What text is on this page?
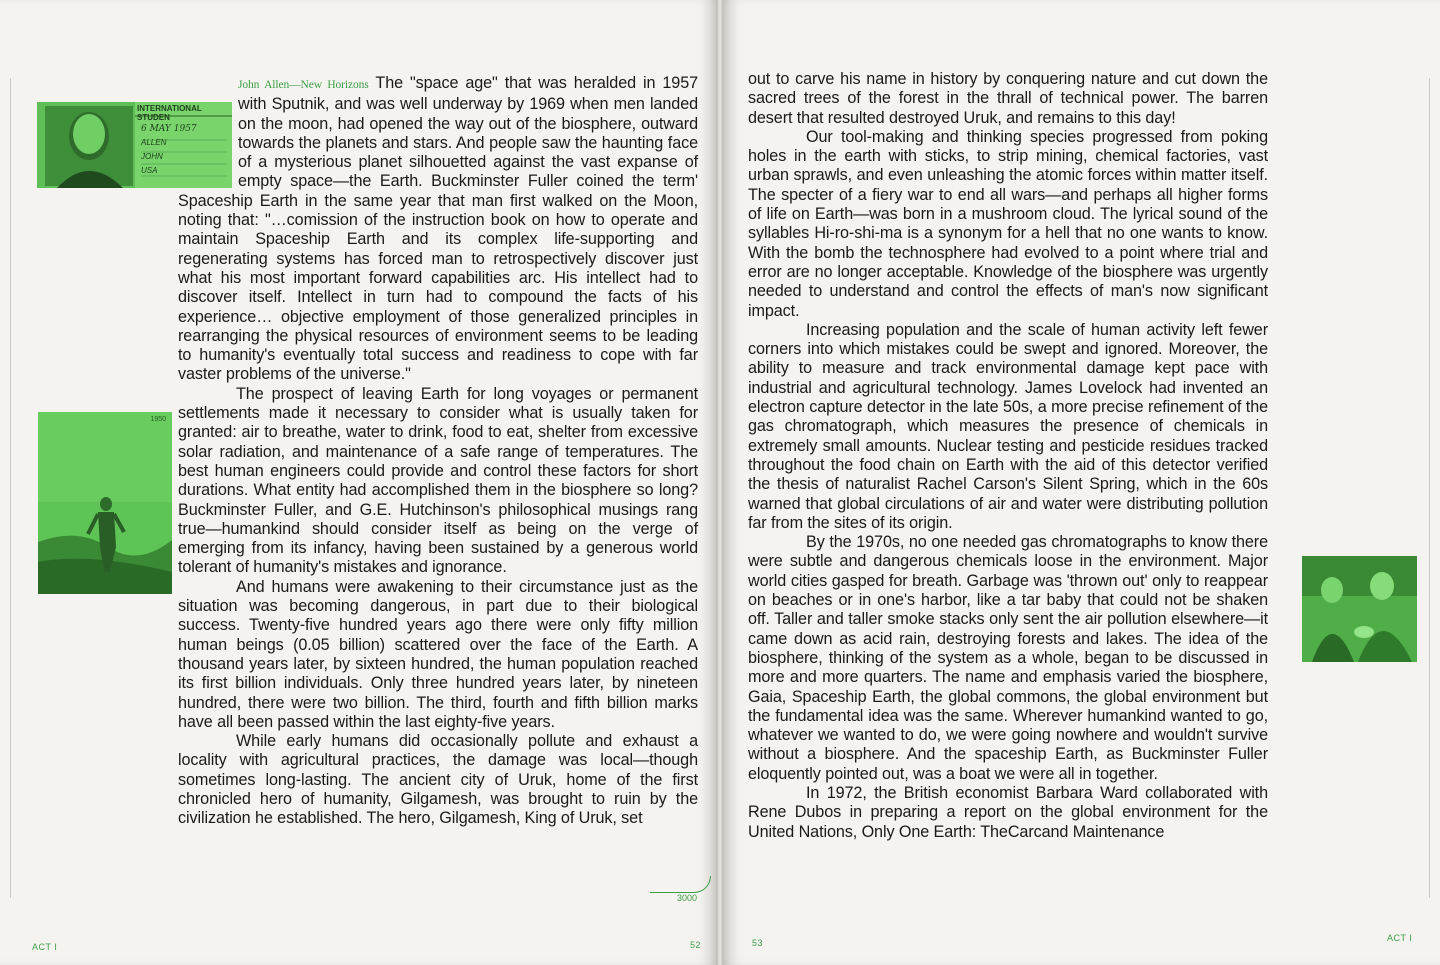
INTERNATIONAL STUDEN
6 MAY 1957
ALLEN
JOHN
USA
1950

John Allen—New Horizons The "space age" that was heralded in 1957 with Sputnik, and was well underway by 1969 when men landed on the moon, had opened the way out of the biosphere, outward towards the planets and stars. And people saw the haunting face of a mysterious planet silhouetted against the vast expanse of empty space—the Earth. Buckminster Fuller coined the term' Spaceship Earth in the same year that man first walked on the Moon, noting that: "…comission of the instruction book on how to operate and maintain Spaceship Earth and its complex life-supporting and regenerating systems has forced man to retrospectively discover just what his most important forward capabilities arc. His intellect had to discover itself. Intellect in turn had to compound the facts of his experience… objective employment of those generalized principles in rearranging the physical resources of environment seems to be leading to humanity's eventually total success and readiness to cope with far vaster problems of the universe."

The prospect of leaving Earth for long voyages or permanent settlements made it necessary to consider what is usually taken for granted: air to breathe, water to drink, food to eat, shelter from excessive solar radiation, and maintenance of a safe range of temperatures. The best human engineers could provide and control these factors for short durations. What entity had accomplished them in the biosphere so long? Buckminster Fuller, and G.E. Hutchinson's philosophical musings rang true—humankind should consider itself as being on the verge of emerging from its infancy, having been sustained by a generous world tolerant of humanity's mistakes and ignorance.

And humans were awakening to their circumstance just as the situation was becoming dangerous, in part due to their biological success. Twenty-five hundred years ago there were only fifty million human beings (0.05 billion) scattered over the face of the Earth. A thousand years later, by sixteen hundred, the human population reached its first billion individuals. Only three hundred years later, by nineteen hundred, there were two billion. The third, fourth and fifth billion marks have all been passed within the last eighty-five years.

While early humans did occasionally pollute and exhaust a locality with agricultural practices, the damage was local—though sometimes long-lasting. The ancient city of Uruk, home of the first chronicled hero of humanity, Gilgamesh, was brought to ruin by the civilization he established. The hero, Gilgamesh, King of Uruk, set

3000
ACT I	52

out to carve his name in history by conquering nature and cut down the sacred trees of the forest in the thrall of technical power. The barren desert that resulted destroyed Uruk, and remains to this day!

Our tool-making and thinking species progressed from poking holes in the earth with sticks, to strip mining, chemical factories, vast urban sprawls, and even unleashing the atomic forces within matter itself. The specter of a fiery war to end all wars—and perhaps all higher forms of life on Earth—was born in a mushroom cloud. The lyrical sound of the syllables Hi-ro-shi-ma is a synonym for a hell that no one wants to know. With the bomb the technosphere had evolved to a point where trial and error are no longer acceptable. Knowledge of the biosphere was urgently needed to understand and control the effects of man's now significant impact.

Increasing population and the scale of human activity left fewer corners into which mistakes could be swept and ignored. Moreover, the ability to measure and track environmental damage kept pace with industrial and agricultural technology. James Lovelock had invented an electron capture detector in the late 50s, a more precise refinement of the gas chromatograph, which measures the presence of chemicals in extremely small amounts. Nuclear testing and pesticide residues tracked throughout the food chain on Earth with the aid of this detector verified the thesis of naturalist Rachel Carson's Silent Spring, which in the 60s warned that global circulations of air and water were distributing pollution far from the sites of its origin.

By the 1970s, no one needed gas chromatographs to know there were subtle and dangerous chemicals loose in the environment. Major world cities gasped for breath. Garbage was 'thrown out' only to reappear on beaches or in one's harbor, like a tar baby that could not be shaken off. Taller and taller smoke stacks only sent the air pollution elsewhere—it came down as acid rain, destroying forests and lakes. The idea of the biosphere, thinking of the system as a whole, began to be discussed in more and more quarters. The name and emphasis varied the biosphere, Gaia, Spaceship Earth, the global commons, the global environment but the fundamental idea was the same. Wherever humankind wanted to go, whatever we wanted to do, we were going nowhere and wouldn't survive without a biosphere. And the spaceship Earth, as Buckminster Fuller eloquently pointed out, was a boat we were all in together.

In 1972, the British economist Barbara Ward collaborated with Rene Dubos in preparing a report on the global environment for the United Nations, Only One Earth: TheCarcand Maintenance

53	ACT I
